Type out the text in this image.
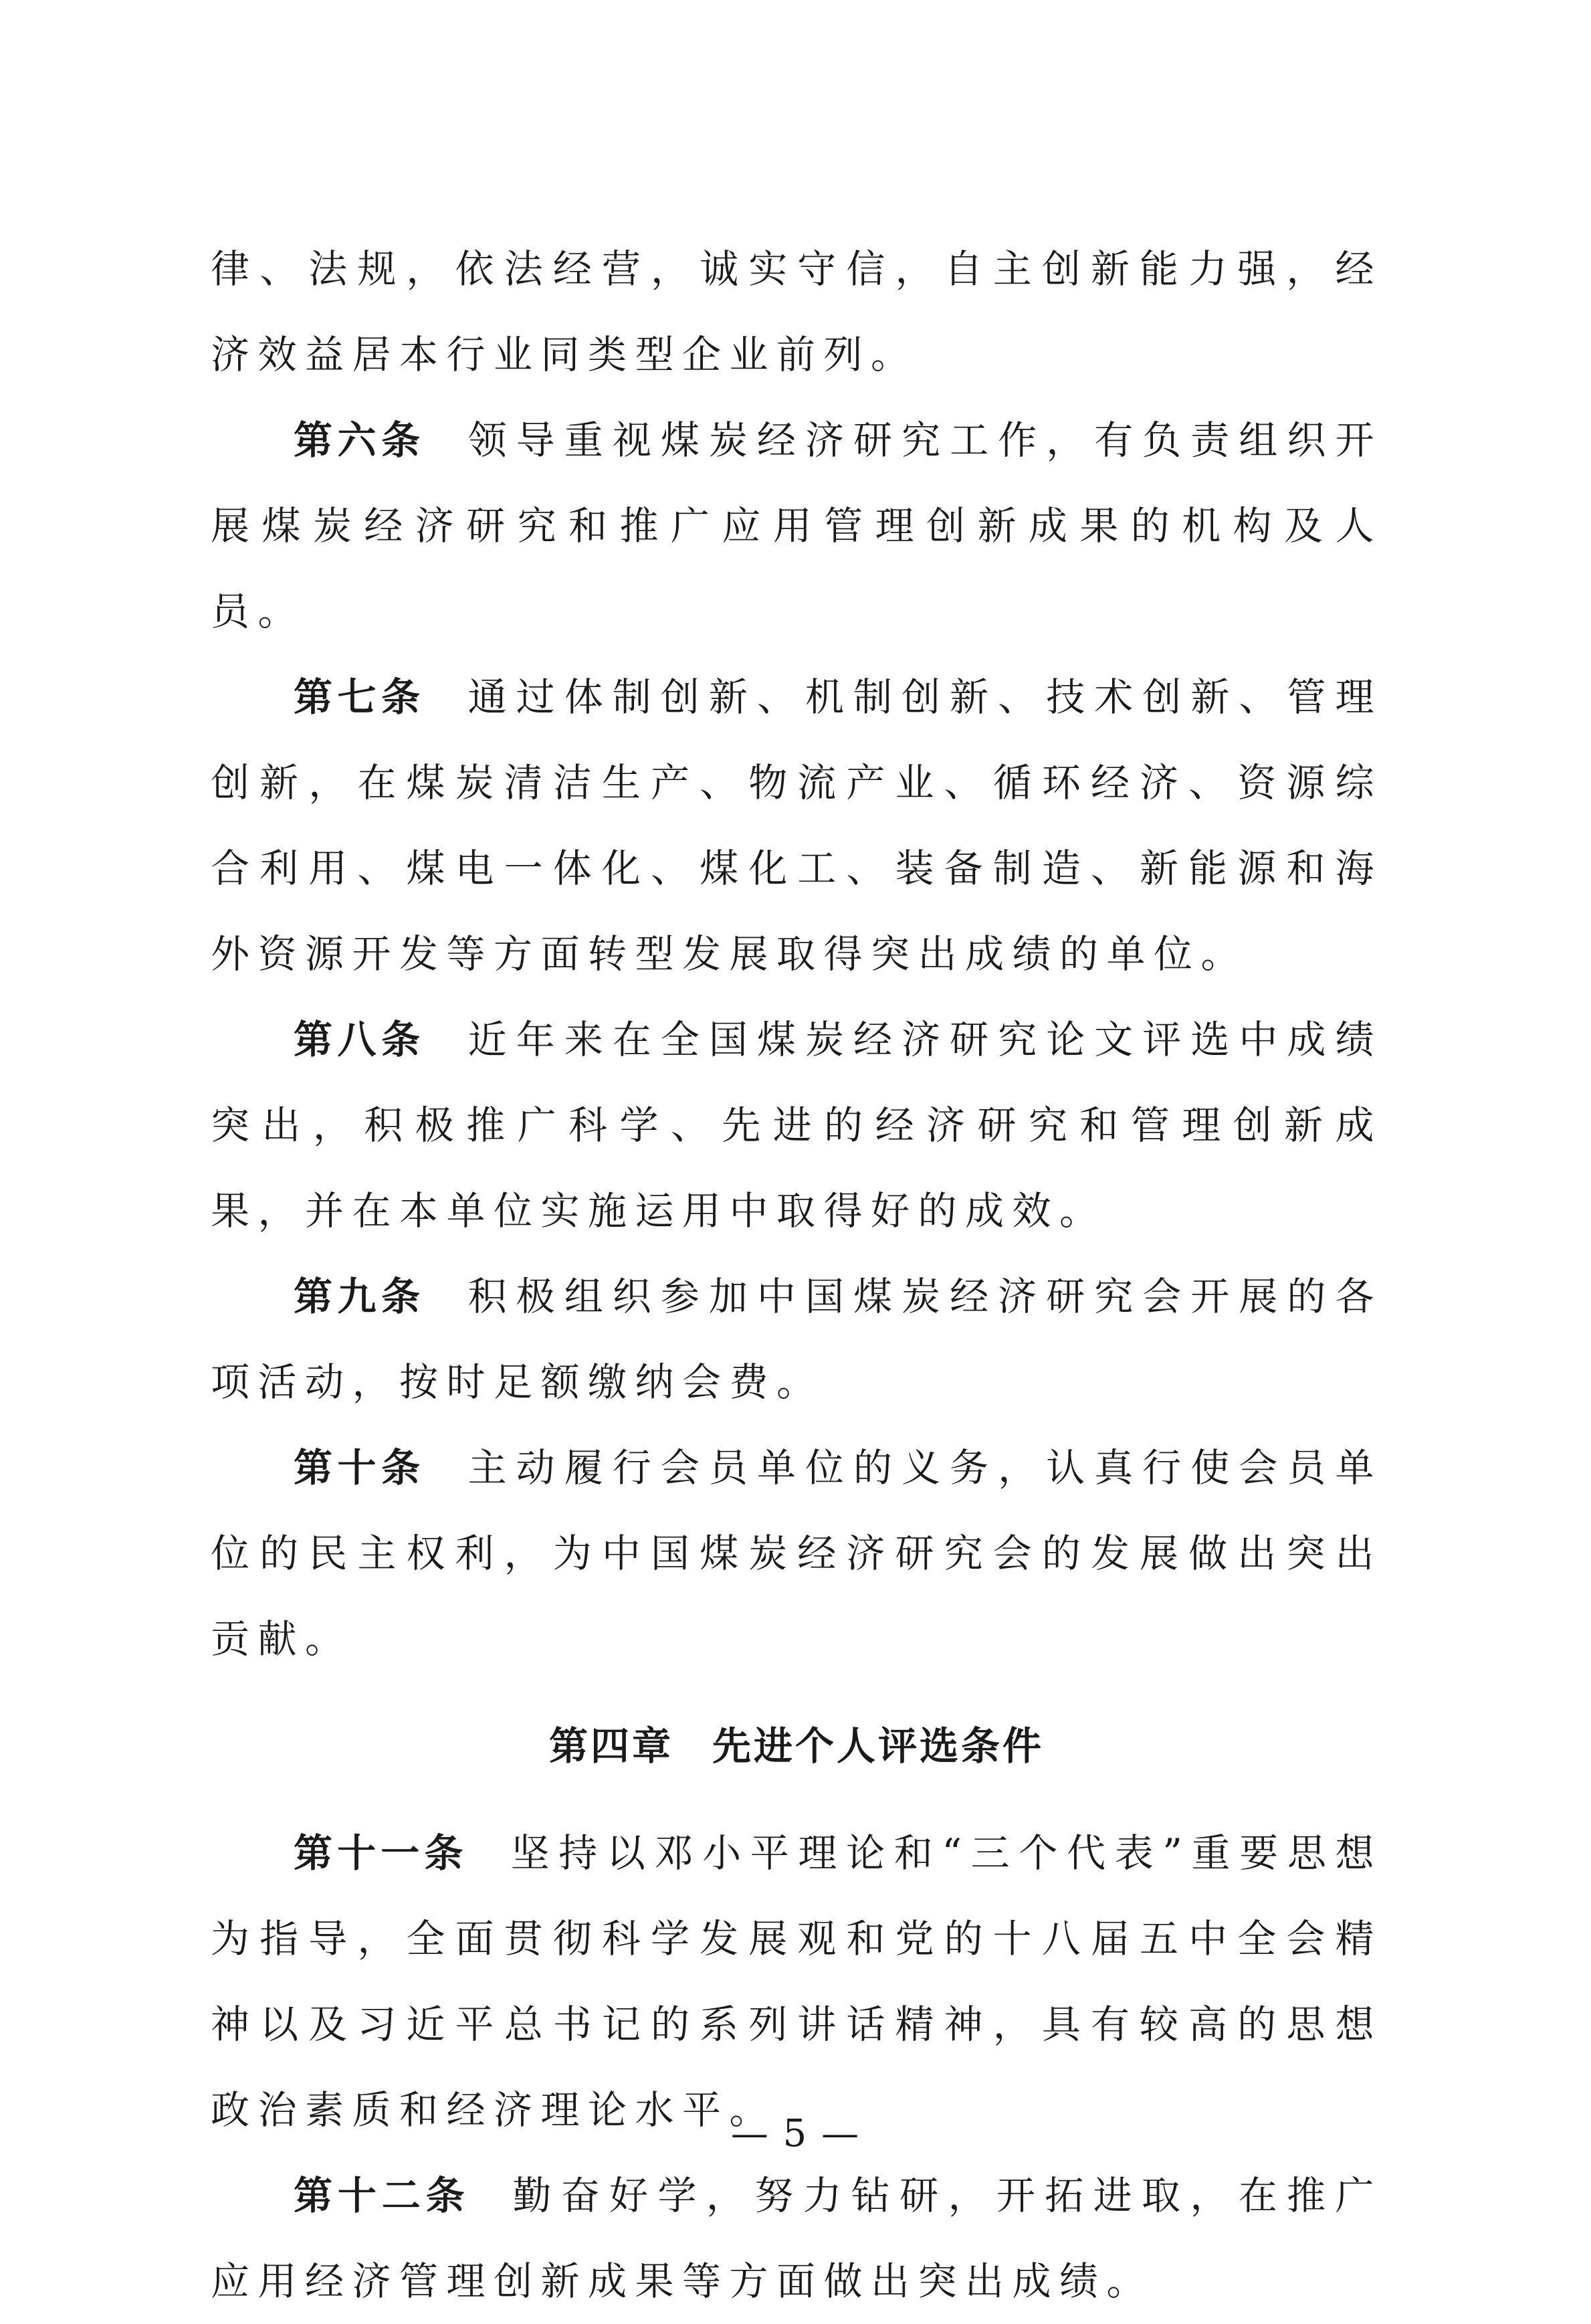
律、法规，依法经营，诚实守信，自主创新能力强，经济效益居本行业同类型企业前列。

第六条 领导重视煤炭经济研究工作，有负责组织开展煤炭经济研究和推广应用管理创新成果的机构及人员。

第七条 通过体制创新、机制创新、技术创新、管理创新，在煤炭清洁生产、物流产业、循环经济、资源综合利用、煤电一体化、煤化工、装备制造、新能源和海外资源开发等方面转型发展取得突出成绩的单位。

第八条 近年来在全国煤炭经济研究论文评选中成绩突出，积极推广科学、先进的经济研究和管理创新成果，并在本单位实施运用中取得好的成效。

第九条 积极组织参加中国煤炭经济研究会开展的各项活动，按时足额缴纳会费。

第十条 主动履行会员单位的义务，认真行使会员单位的民主权利，为中国煤炭经济研究会的发展做出突出贡献。

第四章 先进个人评选条件

第十一条 坚持以邓小平理论和“三个代表”重要思想为指导，全面贯彻科学发展观和党的十八届五中全会精神以及习近平总书记的系列讲话精神，具有较高的思想政治素质和经济理论水平。

第十二条 勤奋好学，努力钻研，开拓进取，在推广应用经济管理创新成果等方面做出突出成绩。

— 5 —
